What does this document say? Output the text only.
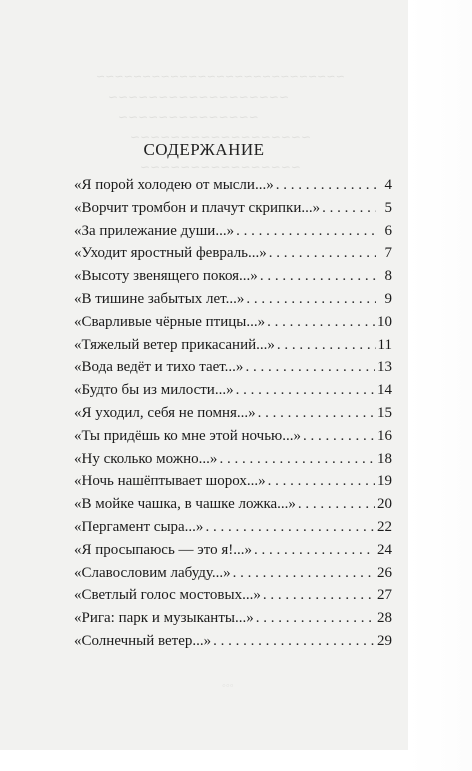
∼∼∼∼∼∼∼∼∼∼∼∼∼∼∼∼∼∼∼∼∼∼∼∼∼∼∼
∼∼∼∼∼∼∼∼∼∼∼∼∼∼∼∼∼∼
∼∼∼∼∼∼∼∼∼∼∼∼∼∼
∼∼∼∼∼∼∼∼∼∼∼∼∼∼∼∼∼∼
∼∼∼∼∼∼∼∼∼∼∼∼∼∼∼∼
СОДЕРЖАНИЕ
«Я порой холодею от мысли...» . . .	4
«Ворчит тромбон и плачут скрипки...» . . .	5
«За прилежание души...» . . .	6
«Уходит яростный февраль...» . . .	7
«Высоту звенящего покоя...» . . .	8
«В тишине забытых лет...» . . .	9
«Сварливые чёрные птицы...» . . .	10
«Тяжелый ветер прикасаний...» . . .	11
«Вода ведёт и тихо тает...» . . .	13
«Будто бы из милости...» . . .	14
«Я уходил, себя не помня...» . . .	15
«Ты придёшь ко мне этой ночью...» . . .	16
«Ну сколько можно...» . . .	18
«Ночь нашёптывает шорох...» . . .	19
«В мойке чашка, в чашке ложка...» . . .	20
«Пергамент сыра...» . . .	22
«Я просыпаюсь — это я!...» . . .	24
«Славословим лабуду...» . . .	26
«Светлый голос мостовых...» . . .	27
«Рига: парк и музыканты...» . . .	28
«Солнечный ветер...» . . .	29
